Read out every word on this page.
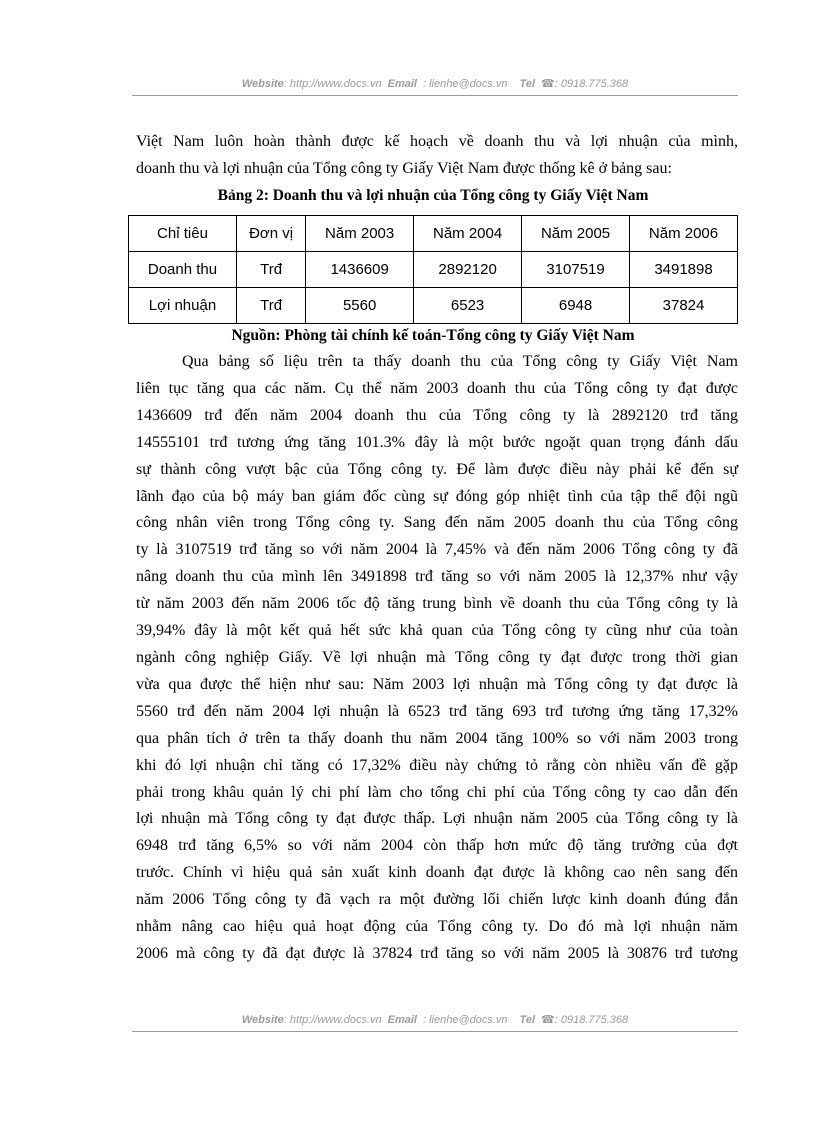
Website: http://www.docs.vn Email : lienhe@docs.vn Tel ☎: 0918.775.368
Việt Nam luôn hoàn thành được kế hoạch về doanh thu và lợi nhuận của mình,
doanh thu và lợi nhuận của Tổng công ty Giấy Việt Nam được thống kê ở bảng sau:
Bảng 2: Doanh thu và lợi nhuận của Tổng công ty Giấy Việt Nam
Chỉ tiêu	Đơn vị	Năm 2003	Năm 2004	Năm 2005	Năm 2006
Doanh thu	Trđ	1436609	2892120	3107519	3491898
Lợi nhuận	Trđ	5560	6523	6948	37824
Nguồn: Phòng tài chính kế toán-Tổng công ty Giấy Việt Nam
Qua bảng số liệu trên ta thấy doanh thu của Tổng công ty Giấy Việt Nam
liên tục tăng qua các năm. Cụ thể năm 2003 doanh thu của Tổng công ty đạt được
1436609 trđ đến năm 2004 doanh thu của Tổng công ty là 2892120 trđ tăng
14555101 trđ tương ứng tăng 101.3% đây là một bước ngoặt quan trọng đánh dấu
sự thành công vượt bậc của Tổng công ty. Để làm được điều này phải kể đến sự
lãnh đạo của bộ máy ban giám đốc cùng sự đóng góp nhiệt tình của tập thể đội ngũ
công nhân viên trong Tổng công ty. Sang đến năm 2005 doanh thu của Tổng công
ty là 3107519 trđ tăng so với năm 2004 là 7,45% và đến năm 2006 Tổng công ty đã
nâng doanh thu của mình lên 3491898 trđ tăng so với năm 2005 là 12,37% như vậy
từ năm 2003 đến năm 2006 tốc độ tăng trung bình về doanh thu của Tổng công ty là
39,94% đây là một kết quả hết sức khả quan của Tổng công ty cũng như của toàn
ngành công nghiệp Giấy. Về lợi nhuận mà Tổng công ty đạt được trong thời gian
vừa qua được thể hiện như sau: Năm 2003 lợi nhuận mà Tổng công ty đạt được là
5560 trđ đến năm 2004 lợi nhuận là 6523 trđ tăng 693 trđ tương ứng tăng 17,32%
qua phân tích ở trên ta thấy doanh thu năm 2004 tăng 100% so với năm 2003 trong
khi đó lợi nhuận chỉ tăng có 17,32% điều này chứng tỏ rằng còn nhiều vấn đề gặp
phải trong khâu quản lý chi phí làm cho tổng chi phí của Tổng công ty cao dẫn đến
lợi nhuận mà Tổng công ty đạt được thấp. Lợi nhuận năm 2005 của Tổng công ty là
6948 trđ tăng 6,5% so với năm 2004 còn thấp hơn mức độ tăng trưởng của đợt
trước. Chính vì hiệu quả sản xuất kinh doanh đạt được là không cao nên sang đến
năm 2006 Tổng công ty đã vạch ra một đường lối chiến lược kinh doanh đúng đắn
nhằm nâng cao hiệu quả hoạt động của Tổng công ty. Do đó mà lợi nhuận năm
2006 mà công ty đã đạt được là 37824 trđ tăng so với năm 2005 là 30876 trđ tương
Website: http://www.docs.vn Email : lienhe@docs.vn Tel ☎: 0918.775.368
